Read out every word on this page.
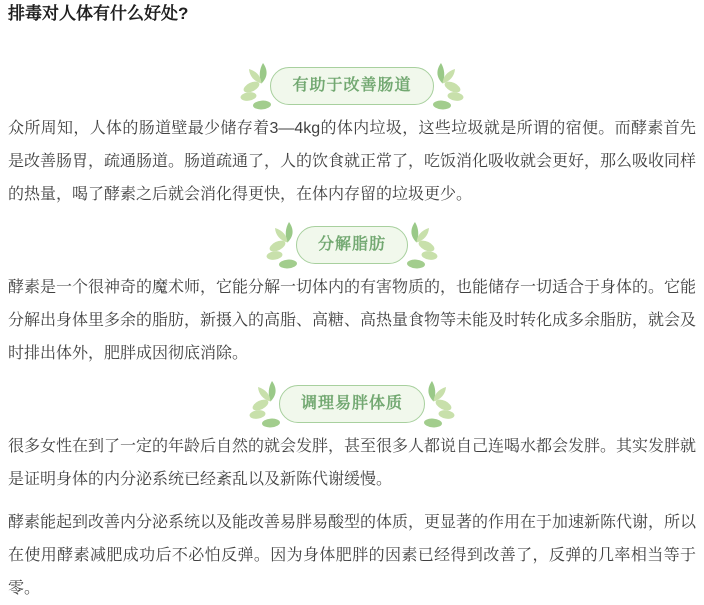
排毒对人体有什么好处?
有助于改善肠道

众所周知，人体的肠道壁最少储存着3—4kg的体内垃圾，这些垃圾就是所谓的宿便。而酵素首先是改善肠胃，疏通肠道。肠道疏通了，人的饮食就正常了，吃饭消化吸收就会更好，那么吸收同样的热量，喝了酵素之后就会消化得更快，在体内存留的垃圾更少。

分解脂肪

酵素是一个很神奇的魔术师，它能分解一切体内的有害物质的，也能储存一切适合于身体的。它能分解出身体里多余的脂肪，新摄入的高脂、高糖、高热量食物等未能及时转化成多余脂肪，就会及时排出体外，肥胖成因彻底消除。

调理易胖体质

很多女性在到了一定的年龄后自然的就会发胖，甚至很多人都说自己连喝水都会发胖。其实发胖就是证明身体的内分泌系统已经紊乱以及新陈代谢缓慢。

酵素能起到改善内分泌系统以及能改善易胖易酸型的体质，更显著的作用在于加速新陈代谢，所以在使用酵素减肥成功后不必怕反弹。因为身体肥胖的因素已经得到改善了，反弹的几率相当等于零。
